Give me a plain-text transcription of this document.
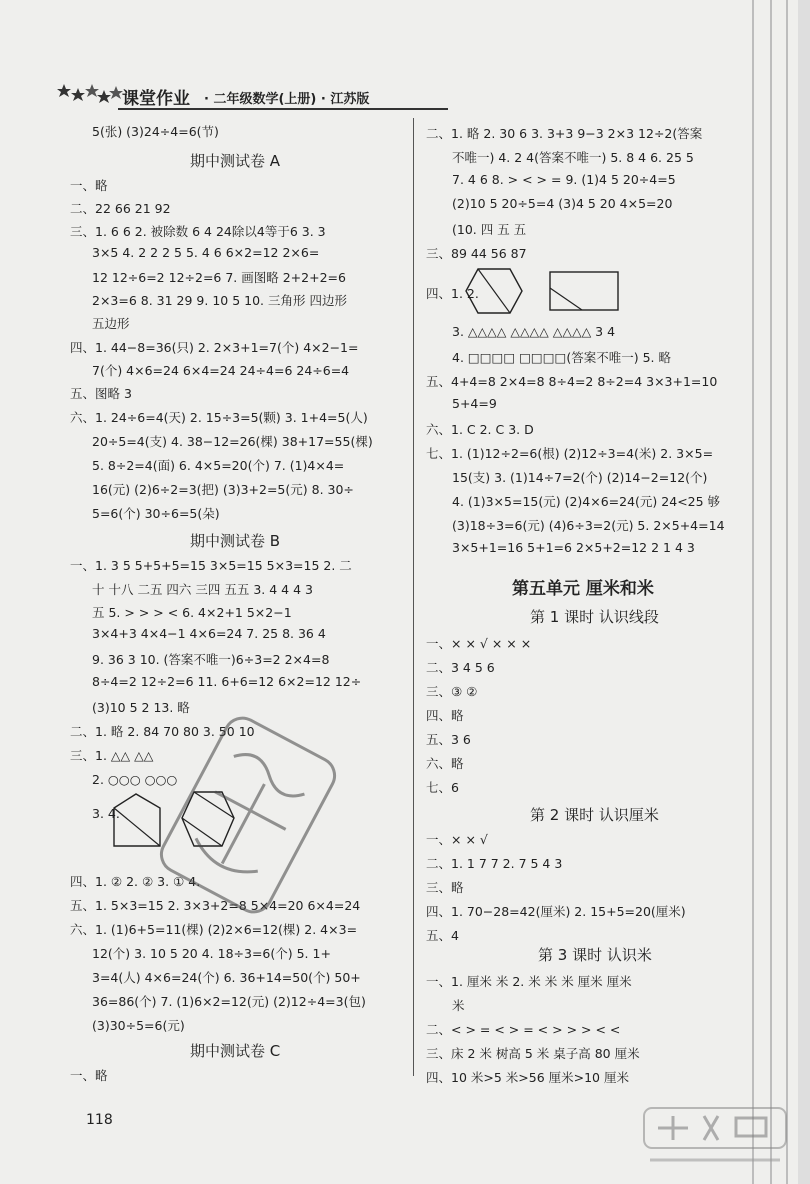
课堂作业 · 二年级数学(上册) · 江苏版
5(张) (3)24÷4=6(节)
期中测试卷 A
一、略
二、22 66 21 92
三、1. 6 6 2. 被除数 6 4 24除以4等于6 3. 3
3×5 4. 2 2 2 5 5. 4 6 6×2=12 2×6=
12 12÷6=2 12÷2=6 7. 画图略 2+2+2=6
2×3=6 8. 31 29 9. 10 5 10. 三角形 四边形
五边形
四、1. 44−8=36(只) 2. 2×3+1=7(个) 4×2−1=
7(个) 4×6=24 6×4=24 24÷4=6 24÷6=4
五、图略 3
六、1. 24÷6=4(天) 2. 15÷3=5(颗) 3. 1+4=5(人)
20÷5=4(支) 4. 38−12=26(棵) 38+17=55(棵)
5. 8÷2=4(面) 6. 4×5=20(个) 7. (1)4×4=
16(元) (2)6÷2=3(把) (3)3+2=5(元) 8. 30÷
5=6(个) 30÷6=5(朵)
期中测试卷 B
一、1. 3 5 5+5+5=15 3×5=15 5×3=15 2. 二
十 十八 二五 四六 三四 五五 3. 4 4 4 3
五 5. > > > < 6. 4×2+1 5×2−1
3×4+3 4×4−1 4×6=24 7. 25 8. 36 4
9. 36 3 10. (答案不唯一)6÷3=2 2×4=8
8÷4=2 12÷2=6 11. 6+6=12 6×2=12 12÷
(3)10 5 2 13. 略
二、1. 略 2. 84 70 80 3. 50 10
三、1. △△ △△
2. ○○○ ○○○
3. 4.
四、1. ② 2. ② 3. ① 4.
五、1. 5×3=15 2. 3×3+2=8 5×4=20 6×4=24
六、1. (1)6+5=11(棵) (2)2×6=12(棵) 2. 4×3=
12(个) 3. 10 5 20 4. 18÷3=6(个) 5. 1+
3=4(人) 4×6=24(个) 6. 36+14=50(个) 50+
36=86(个) 7. (1)6×2=12(元) (2)12÷4=3(包)
(3)30÷5=6(元)
期中测试卷 C
一、略
二、1. 略 2. 30 6 3. 3+3 9−3 2×3 12÷2(答案
不唯一) 4. 2 4(答案不唯一) 5. 8 4 6. 25 5
7. 4 6 8. > < > = 9. (1)4 5 20÷4=5
(2)10 5 20÷5=4 (3)4 5 20 4×5=20
(10. 四 五 五
三、89 44 56 87
四、1. 2.
3. △△△△ △△△△ △△△△ 3 4
4. □□□□ □□□□(答案不唯一) 5. 略
五、4+4=8 2×4=8 8÷4=2 8÷2=4 3×3+1=10
5+4=9
六、1. C 2. C 3. D
七、1. (1)12÷2=6(根) (2)12÷3=4(米) 2. 3×5=
15(支) 3. (1)14÷7=2(个) (2)14−2=12(个)
4. (1)3×5=15(元) (2)4×6=24(元) 24<25 够
(3)18÷3=6(元) (4)6÷3=2(元) 5. 2×5+4=14
3×5+1=16 5+1=6 2×5+2=12 2 1 4 3
第五单元 厘米和米
第 1 课时 认识线段
一、× × √ × × ×
二、3 4 5 6
三、③ ②
四、略
五、3 6
六、略
七、6
第 2 课时 认识厘米
一、× × √
二、1. 1 7 7 2. 7 5 4 3
三、略
四、1. 70−28=42(厘米) 2. 15+5=20(厘米)
五、4
第 3 课时 认识米
一、1. 厘米 米 2. 米 米 米 厘米 厘米
米
二、< > = < > = < > > > < <
三、床 2 米 树高 5 米 桌子高 80 厘米
四、10 米>5 米>56 厘米>10 厘米
118
